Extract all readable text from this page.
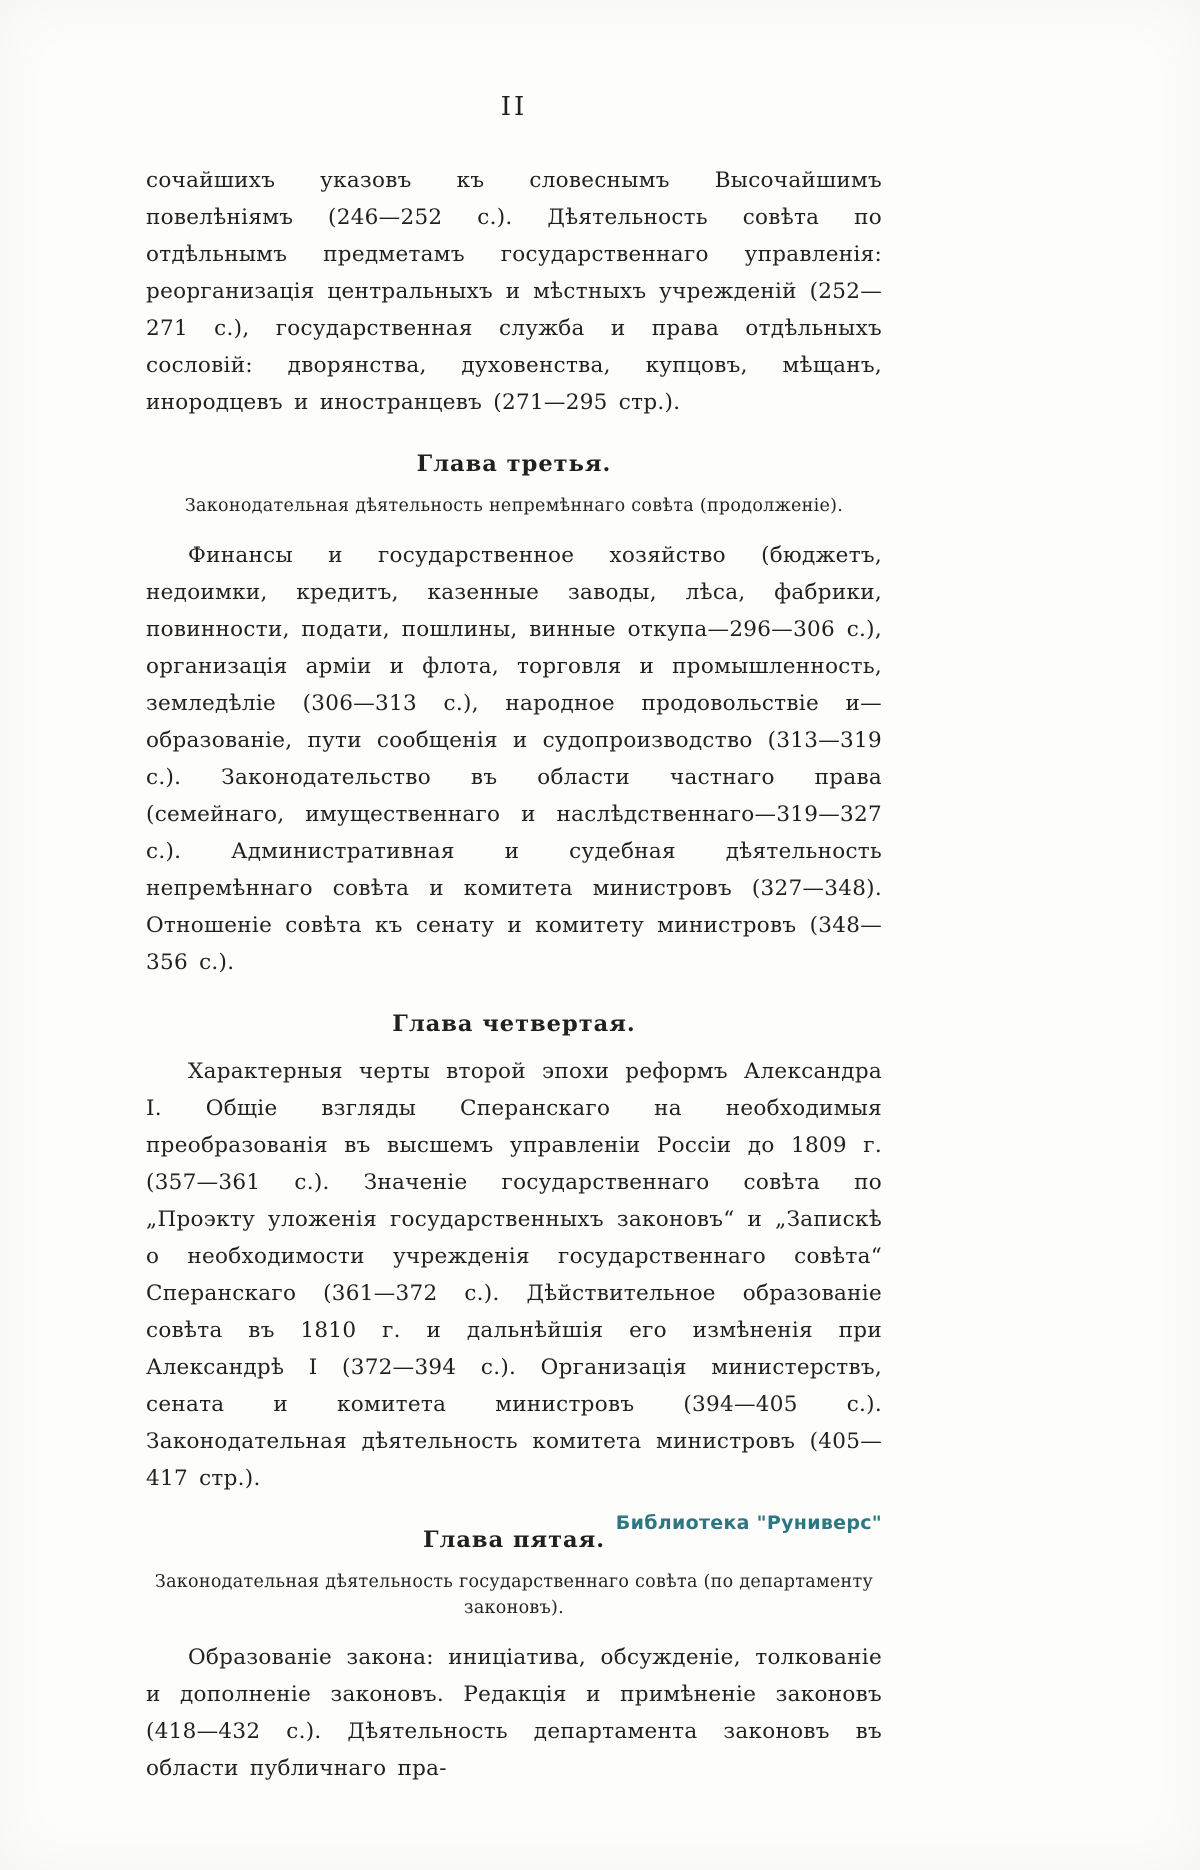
II

сочайшихъ указовъ къ словеснымъ Высочайшимъ повелѣніямъ (246—252 с.). Дѣятельность совѣта по отдѣльнымъ предметамъ государственнаго управленія: реорганизація центральныхъ и мѣстныхъ учрежденій (252—271 с.), государственная служба и права отдѣльныхъ сословій: дворянства, духовенства, купцовъ, мѣщанъ, инородцевъ и иностранцевъ (271—295 стр.).

Глава третья.

Законодательная дѣятельность непремѣннаго совѣта (продолженіе).

Финансы и государственное хозяйство (бюджетъ, недоимки, кредитъ, казенные заводы, лѣса, фабрики, повинности, подати, пошлины, винные откупа—296—306 с.), организація арміи и флота, торговля и промышленность, земледѣліе (306—313 с.), народное продовольствіе и—образованіе, пути сообщенія и судопроизводство (313—319 с.). Законодательство въ области частнаго права (семейнаго, имущественнаго и наслѣдственнаго—319—327 с.). Административная и судебная дѣятельность непремѣннаго совѣта и комитета министровъ (327—348). Отношеніе совѣта къ сенату и комитету министровъ (348—356 с.).

Глава четвертая.

Характерныя черты второй эпохи реформъ Александра I. Общіе взгляды Сперанскаго на необходимыя преобразованія въ высшемъ управленіи Россіи до 1809 г. (357—361 с.). Значеніе государственнаго совѣта по „Проэкту уложенія государственныхъ законовъ“ и „Запискѣ о необходимости учрежденія государственнаго совѣта“ Сперанскаго (361—372 с.). Дѣйствительное образованіе совѣта въ 1810 г. и дальнѣйшія его измѣненія при Александрѣ I (372—394 с.). Организація министерствъ, сената и комитета министровъ (394—405 с.). Законодательная дѣятельность комитета министровъ (405—417 стр.).

Глава пятая.

Законодательная дѣятельность государственнаго совѣта (по департаменту законовъ).

Образованіе закона: иниціатива, обсужденіе, толкованіе и дополненіе законовъ. Редакція и примѣненіе законовъ (418—432 с.). Дѣятельность департамента законовъ въ области публичнаго пра-

Библиотека "Руниверс"
